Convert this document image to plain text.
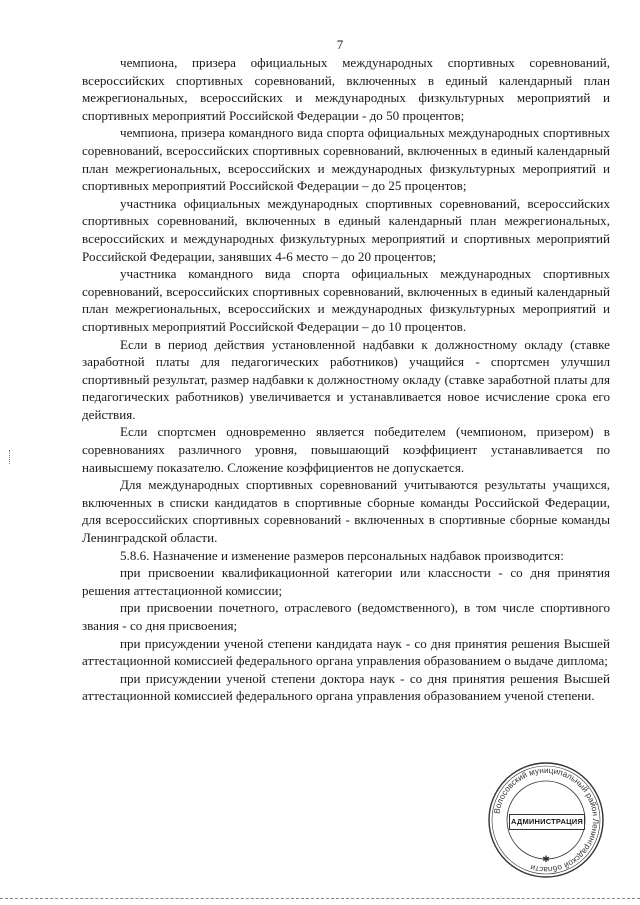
7

чемпиона, призера официальных международных спортивных соревнований, всероссийских спортивных соревнований, включенных в единый календарный план межрегиональных, всероссийских и международных физкультурных мероприятий и спортивных мероприятий Российской Федерации - до 50 процентов;

чемпиона, призера командного вида спорта официальных международных спортивных соревнований, всероссийских спортивных соревнований, включенных в единый календарный план межрегиональных, всероссийских и международных физкультурных мероприятий и спортивных мероприятий Российской Федерации – до 25 процентов;

участника официальных международных спортивных соревнований, всероссийских спортивных соревнований, включенных в единый календарный план межрегиональных, всероссийских и международных физкультурных мероприятий и спортивных мероприятий Российской Федерации, занявших 4-6 место – до 20 процентов;

участника командного вида спорта официальных международных спортивных соревнований, всероссийских спортивных соревнований, включенных в единый календарный план межрегиональных, всероссийских и международных физкультурных мероприятий и спортивных мероприятий Российской Федерации – до 10 процентов.

Если в период действия установленной надбавки к должностному окладу (ставке заработной платы для педагогических работников) учащийся - спортсмен улучшил спортивный результат, размер надбавки к должностному окладу (ставке заработной платы для педагогических работников) увеличивается и устанавливается новое исчисление срока его действия.

Если спортсмен одновременно является победителем (чемпионом, призером) в соревнованиях различного уровня, повышающий коэффициент устанавливается по наивысшему показателю. Сложение коэффициентов не допускается.

Для международных спортивных соревнований учитываются результаты учащихся, включенных в списки кандидатов в спортивные сборные команды Российской Федерации, для всероссийских спортивных соревнований - включенных в спортивные сборные команды Ленинградской области.

5.8.6. Назначение и изменение размеров персональных надбавок производится:

при присвоении квалификационной категории или классности - со дня принятия решения аттестационной комиссии;

при присвоении почетного, отраслевого (ведомственного), в том числе спортивного звания - со дня присвоения;

при присуждении ученой степени кандидата наук - со дня принятия решения Высшей аттестационной комиссией федерального органа управления образованием о выдаче диплома;

при присуждении ученой степени доктора наук - со дня принятия решения Высшей аттестационной комиссией федерального органа управления образованием ученой степени.

Волосовский муниципальный район Ленинградской области
✱
АДМИНИСТРАЦИЯ
